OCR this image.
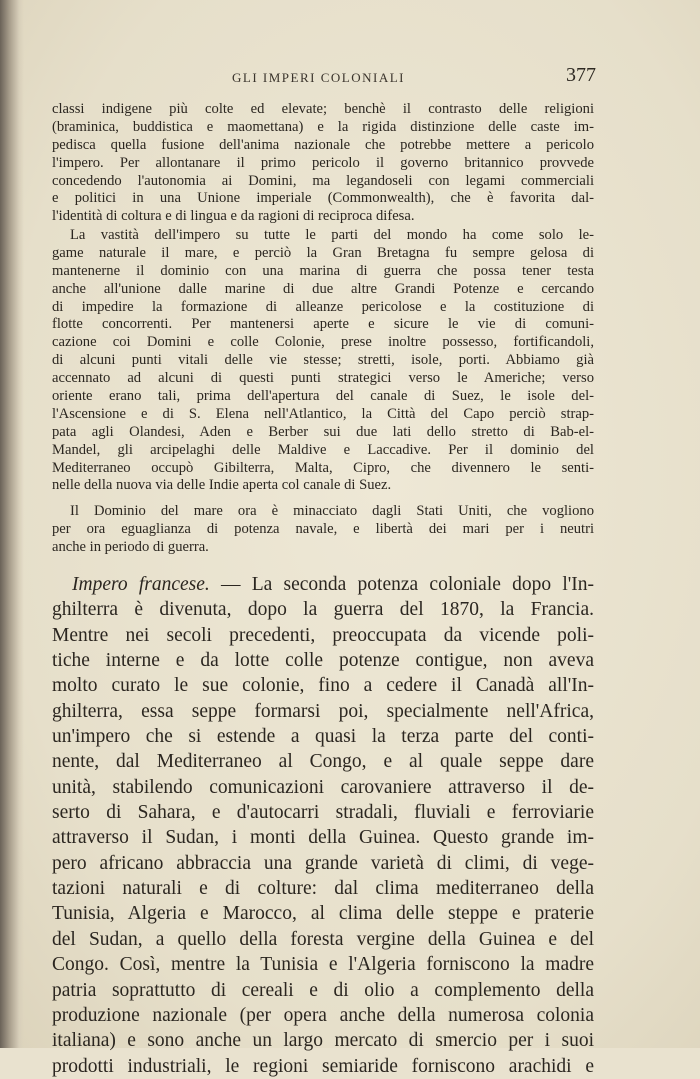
GLI IMPERI COLONIALI	377
classi indigene più colte ed elevate; benchè il contrasto delle religioni
(braminica, buddistica e maomettana) e la rigida distinzione delle caste im-
pedisca quella fusione dell'anima nazionale che potrebbe mettere a pericolo
l'impero. Per allontanare il primo pericolo il governo britannico provvede
concedendo l'autonomia ai Domini, ma legandoseli con legami commerciali
e politici in una Unione imperiale (Commonwealth), che è favorita dal-
l'identità di coltura e di lingua e da ragioni di reciproca difesa.
La vastità dell'impero su tutte le parti del mondo ha come solo le-
game naturale il mare, e perciò la Gran Bretagna fu sempre gelosa di
mantenerne il dominio con una marina di guerra che possa tener testa
anche all'unione dalle marine di due altre Grandi Potenze e cercando
di impedire la formazione di alleanze pericolose e la costituzione di
flotte concorrenti. Per mantenersi aperte e sicure le vie di comuni-
cazione coi Domini e colle Colonie, prese inoltre possesso, fortificandoli,
di alcuni punti vitali delle vie stesse; stretti, isole, porti. Abbiamo già
accennato ad alcuni di questi punti strategici verso le Americhe; verso
oriente erano tali, prima dell'apertura del canale di Suez, le isole del-
l'Ascensione e di S. Elena nell'Atlantico, la Città del Capo perciò strap-
pata agli Olandesi, Aden e Berber sui due lati dello stretto di Bab-el-
Mandel, gli arcipelaghi delle Maldive e Laccadive. Per il dominio del
Mediterraneo occupò Gibilterra, Malta, Cipro, che divennero le senti-
nelle della nuova via delle Indie aperta col canale di Suez.
Il Dominio del mare ora è minacciato dagli Stati Uniti, che vogliono
per ora eguaglianza di potenza navale, e libertà dei mari per i neutri
anche in periodo di guerra.
Impero francese. — La seconda potenza coloniale dopo l'In-
ghilterra è divenuta, dopo la guerra del 1870, la Francia.
Mentre nei secoli precedenti, preoccupata da vicende poli-
tiche interne e da lotte colle potenze contigue, non aveva
molto curato le sue colonie, fino a cedere il Canadà all'In-
ghilterra, essa seppe formarsi poi, specialmente nell'Africa,
un'impero che si estende a quasi la terza parte del conti-
nente, dal Mediterraneo al Congo, e al quale seppe dare
unità, stabilendo comunicazioni carovaniere attraverso il de-
serto di Sahara, e d'autocarri stradali, fluviali e ferroviarie
attraverso il Sudan, i monti della Guinea. Questo grande im-
pero africano abbraccia una grande varietà di climi, di vege-
tazioni naturali e di colture: dal clima mediterraneo della
Tunisia, Algeria e Marocco, al clima delle steppe e praterie
del Sudan, a quello della foresta vergine della Guinea e del
Congo. Così, mentre la Tunisia e l'Algeria forniscono la madre
patria soprattutto di cereali e di olio a complemento della
produzione nazionale (per opera anche della numerosa colonia
italiana) e sono anche un largo mercato di smercio per i suoi
prodotti industriali, le regioni semiaride forniscono arachidi e
